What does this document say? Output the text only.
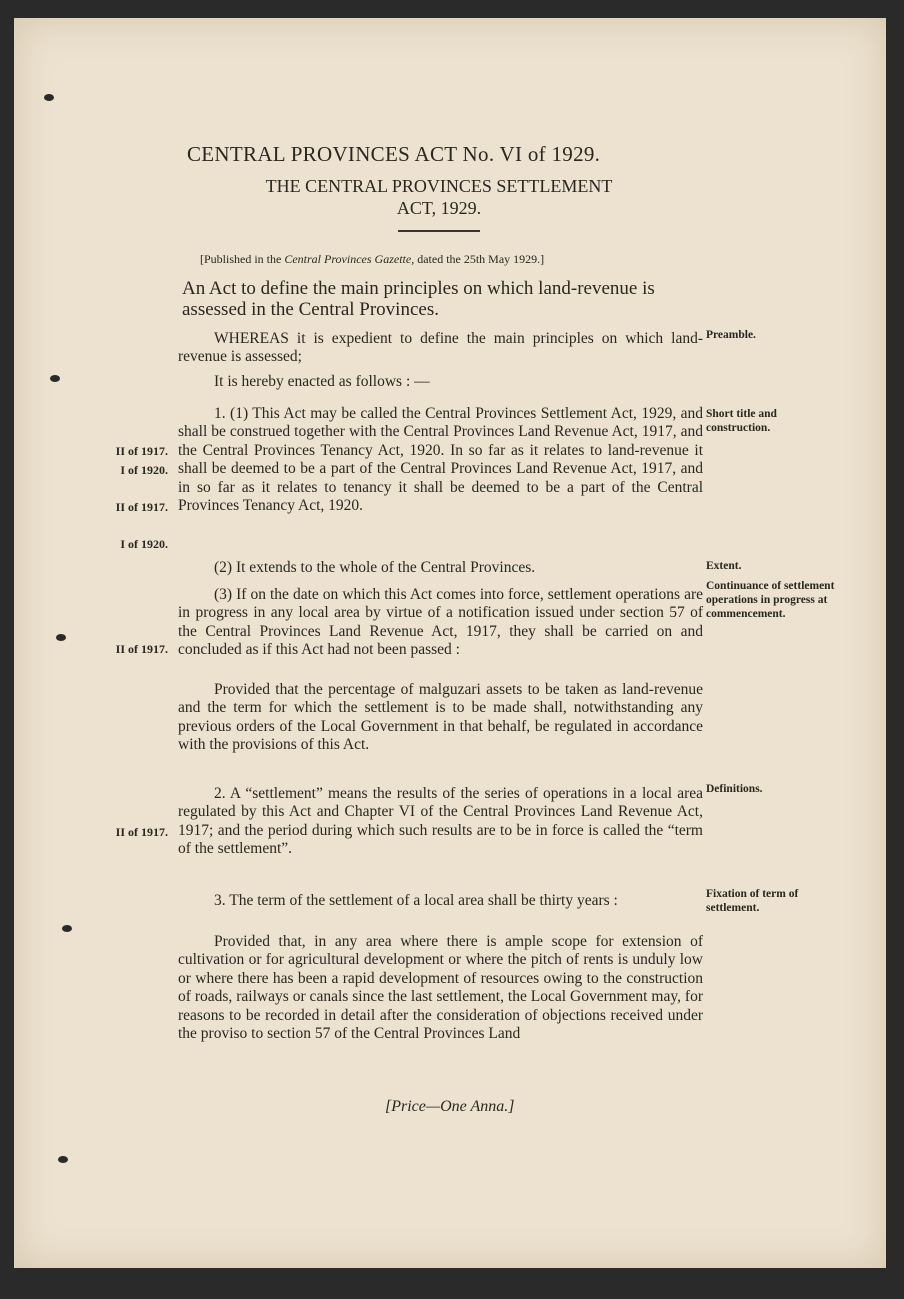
CENTRAL PROVINCES ACT No. VI of 1929.
THE CENTRAL PROVINCES SETTLEMENT
ACT, 1929.
[Published in the Central Provinces Gazette, dated the 25th May 1929.]
An Act to define the main principles on which land-revenue is assessed in the Central Provinces.
WHEREAS it is expedient to define the main principles on which land-revenue is assessed;
It is hereby enacted as follows : —
Preamble.
1. (1) This Act may be called the Central Provinces Settlement Act, 1929, and shall be construed together with the Central Provinces Land Revenue Act, 1917, and the Central Provinces Tenancy Act, 1920. In so far as it relates to land-revenue it shall be deemed to be a part of the Central Provinces Land Revenue Act, 1917, and in so far as it relates to tenancy it shall be deemed to be a part of the Central Provinces Tenancy Act, 1920.
Short title and construction.
II of 1917.
I of 1920.
II of 1917.
I of 1920.
(2) It extends to the whole of the Central Provinces.	Extent.
(3) If on the date on which this Act comes into force, settlement operations are in progress in any local area by virtue of a notification issued under section 57 of the Central Provinces Land Revenue Act, 1917, they shall be carried on and concluded as if this Act had not been passed :
Continuance of settlement operations in progress at commencement.
II of 1917.
Provided that the percentage of malguzari assets to be taken as land-revenue and the term for which the settlement is to be made shall, notwithstanding any previous orders of the Local Government in that behalf, be regulated in accordance with the provisions of this Act.
2. A “settlement” means the results of the series of operations in a local area regulated by this Act and Chapter VI of the Central Provinces Land Revenue Act, 1917; and the period during which such results are to be in force is called the “term of the settlement”.
Definitions.
II of 1917.
3. The term of the settlement of a local area shall be thirty years :	Fixation of term of settlement.
Provided that, in any area where there is ample scope for extension of cultivation or for agricultural development or where the pitch of rents is unduly low or where there has been a rapid development of resources owing to the construction of roads, railways or canals since the last settlement, the Local Government may, for reasons to be recorded in detail after the consideration of objections received under the proviso to section 57 of the Central Provinces Land
[Price—One Anna.]
